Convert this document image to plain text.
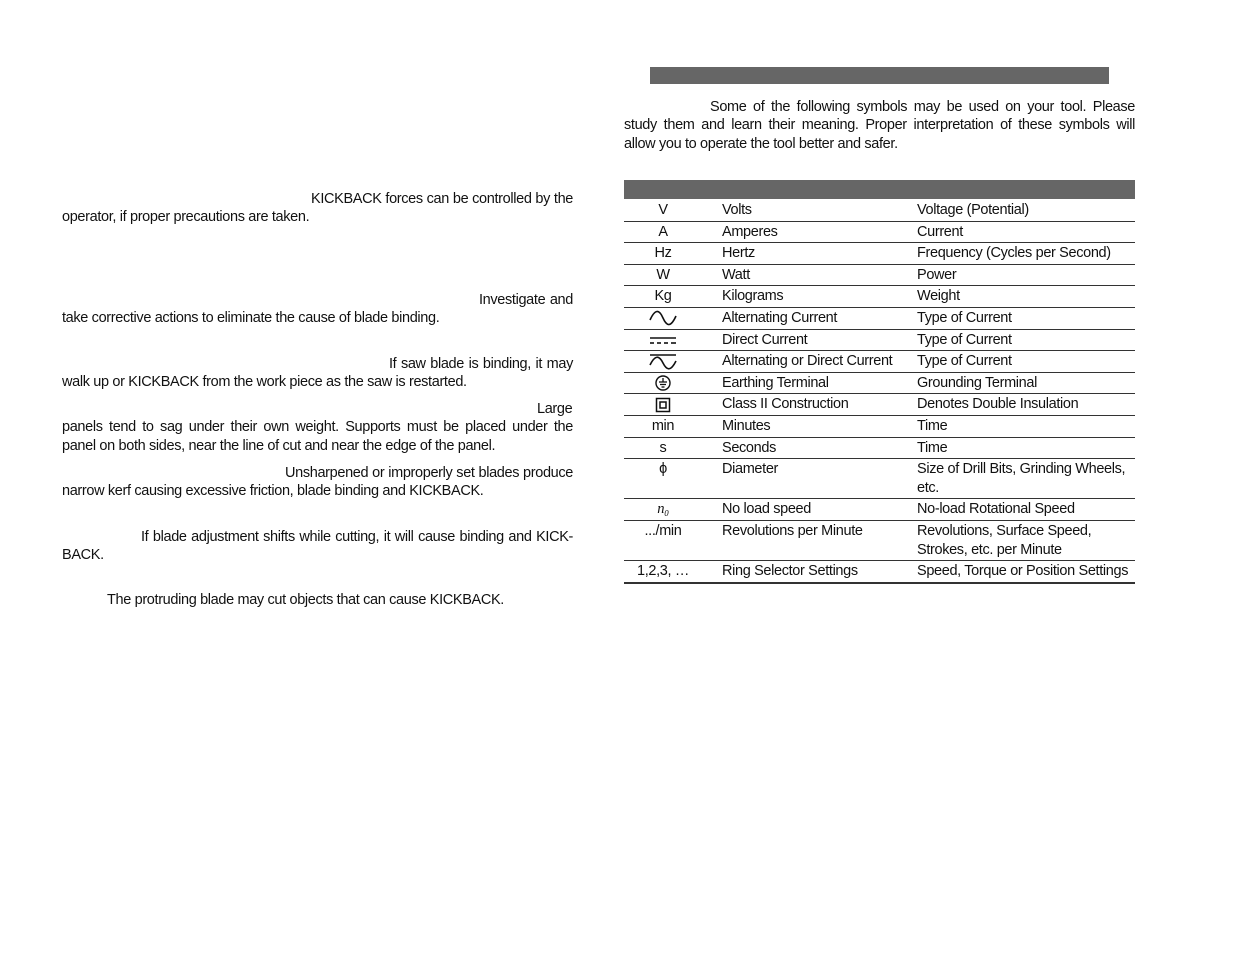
KICKBACK forces can be controlled by the operator, if proper precautions are taken.
Investigate and take corrective actions to eliminate the cause of blade binding.
If saw blade is binding, it may walk up or KICKBACK from the work piece as the saw is restarted.
Large panels tend to sag under their own weight. Supports must be placed under the panel on both sides, near the line of cut and near the edge of the panel.
Unsharpened or improperly set blades produce narrow kerf causing excessive friction, blade binding and KICKBACK.
If blade adjustment shifts while cutting, it will cause binding and KICK- BACK.
The protruding blade may cut objects that can cause KICKBACK.
Some of the following symbols may be used on your tool. Please study them and learn their meaning. Proper interpretation of these symbols will allow you to operate the tool better and safer.
V	Volts	Voltage (Potential)
A	Amperes	Current
Hz	Hertz	Frequency (Cycles per Second)
W	Watt	Power
Kg	Kilograms	Weight
	Alternating Current	Type of Current
	Direct Current	Type of Current
	Alternating or Direct Current	Type of Current
	Earthing Terminal	Grounding Terminal
	Class II Construction	Denotes Double Insulation
min	Minutes	Time
s	Seconds	Time
ϕ	Diameter	Size of Drill Bits, Grinding Wheels, etc.
n₀	No load speed	No-load Rotational Speed
.../min	Revolutions per Minute	Revolutions, Surface Speed, Strokes, etc. per Minute
1,2,3, …	Ring Selector Settings	Speed, Torque or Position Settings
